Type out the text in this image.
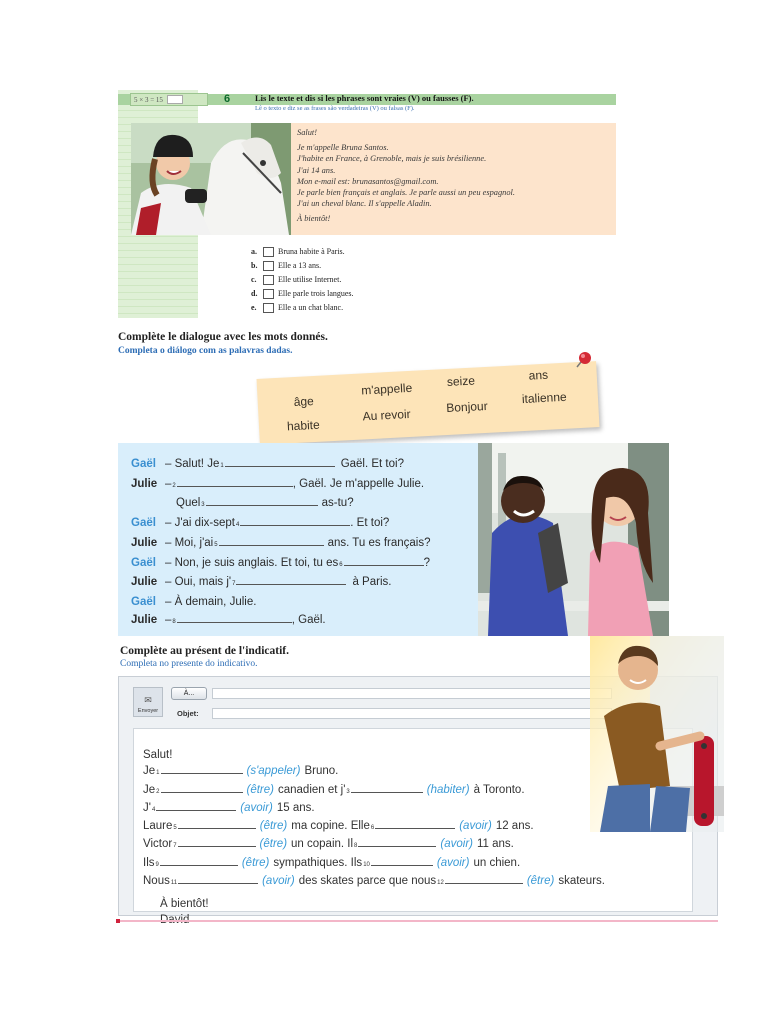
5 × 3 = 15	6	Lis le texte et dis si les phrases sont vraies (V) ou fausses (F).
Lê o texto e diz se as frases são verdadeiras (V) ou falsas (F).

Salut!

Je m'appelle Bruna Santos.

J'habite en France, à Grenoble, mais je suis brésilienne.

J'ai 14 ans.

Mon e-mail est: brunasantos@gmail.com.

Je parle bien français et anglais. Je parle aussi un peu espagnol.

J'ai un cheval blanc. Il s'appelle Aladin.

À bientôt!

a.	Bruna habite à Paris.
b.	Elle a 13 ans.
c.	Elle utilise Internet.
d.	Elle parle trois langues.
e.	Elle a un chat blanc.
Complète le dialogue avec les mots donnés.
Completa o diálogo com as palavras dadas.
âge
m'appelle	seize	ans
habite
Au revoir	Bonjour
italienne
Gaël – Salut! Je 1	Gaël. Et toi?
Julie – 2	, Gaël. Je m'appelle Julie.
Quel 3	as-tu?
Gaël – J'ai dix-sept 4	. Et toi?
Julie – Moi, j'ai 5	ans. Tu es français?
Gaël – Non, je suis anglais. Et toi, tu es 6	?
Julie – Oui, mais j' 7	à Paris.
Gaël – À demain, Julie.
Julie – 8	, Gaël.
Complète au présent de l'indicatif.
Completa no presente do indicativo.
✉
Envoyer
À...
Objet:
Salut!
Je 1	(s'appeler) Bruno.
Je 2	(être) canadien et j' 3	(habiter) à Toronto.
J' 4	(avoir) 15 ans.
Laure 5	(être) ma copine. Elle 6	(avoir) 12 ans.
Victor 7	(être) un copain. Il 8	(avoir) 11 ans.
Ils 9	(être) sympathiques. Ils 10	(avoir) un chien.
Nous 11	(avoir) des skates parce que nous 12	(être) skateurs.
À bientôt!
